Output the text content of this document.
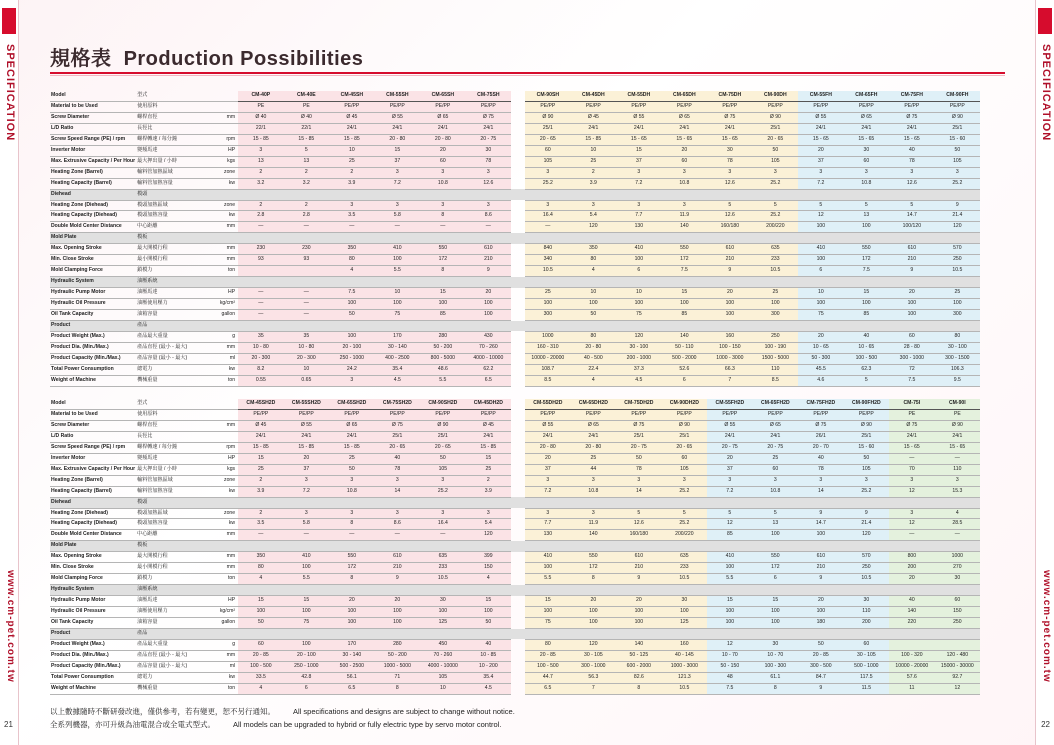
SPECIFICATION
www.cm-pet.com.tw
SPECIFICATION
www.cm-pet.com.tw
21	22
規格表 Production Possibilities
Model	型式		CM-40P	CM-40E	CM-45SH	CM-55SH	CM-65SH	CM-75SH		CM-90SH	CM-45DH	CM-55DH	CM-65DH	CM-75DH	CM-90DH	CM-55FH	CM-65FH	CM-75FH	CM-90FH
Material to be Used	使用原料		PE	PE	PE/PP	PE/PP	PE/PP	PE/PP		PE/PP	PE/PP	PE/PP	PE/PP	PE/PP	PE/PP	PE/PP	PE/PP	PE/PP	PE/PP
Screw Diameter	螺桿直徑	mm	Ø 40	Ø 40	Ø 45	Ø 55	Ø 65	Ø 75		Ø 90	Ø 45	Ø 55	Ø 65	Ø 75	Ø 90	Ø 55	Ø 65	Ø 75	Ø 90
L/D Ratio	長徑比		22/1	22/1	24/1	24/1	24/1	24/1		25/1	24/1	24/1	24/1	24/1	25/1	24/1	24/1	24/1	25/1
Screw Speed Range (PE) / rpm	螺桿轉速 / 每分鐘	rpm	15 - 85	15 - 85	15 - 85	20 - 80	20 - 80	20 - 75		20 - 65	15 - 85	15 - 65	15 - 65	15 - 65	20 - 65	15 - 65	15 - 65	15 - 65	15 - 60
Inverter Motor	變頻馬達	HP	3	5	10	15	20	30		60	10	15	20	30	50	20	30	40	50
Max. Extrusive Capacity / Per Hour	最大押出量 / 小時	kgs	13	13	25	37	60	78		105	25	37	60	78	105	37	60	78	105
Heating Zone (Barrel)	輸料管加熱區域	zone	2	2	2	3	3	3		3	2	3	3	3	3	3	3	3	3
Heating Capacity (Barrel)	輸料管加熱容量	kw	3.2	3.2	3.9	7.2	10.8	12.6		25.2	3.9	7.2	10.8	12.6	25.2	7.2	10.8	12.6	25.2
Diehead	模頭																		
Heating Zone (Diehead)	模頭加熱區域	zone	2	2	3	3	3	3		3	3	3	3	5	5	5	5	5	9
Heating Capacity (Diehead)	模頭加熱容量	kw	2.8	2.8	3.5	5.8	8	8.6		16.4	5.4	7.7	11.9	12.6	25.2	12	13	14.7	21.4
Double Mold Center Distance	中心距離	mm	—	—	—	—	—	—		—	120	130	140	160/180	200/220	100	100	100/120	120
Mold Plate	模板																		
Max. Opening Stroke	最大開模行程	mm	230	230	350	410	550	610		840	350	410	550	610	635	410	550	610	570
Min. Close Stroke	最小開模行程	mm	93	93	80	100	172	210		340	80	100	172	210	233	100	172	210	250
Mold Clamping Force	鎖模力	ton			4	5.5	8	9		10.5	4	6	7.5	9	10.5	6	7.5	9	10.5
Hydraulic System	油壓系統																		
Hydraulic Pump Motor	油壓馬達	HP	—	—	7.5	10	15	20		25	10	10	15	20	25	10	15	20	25
Hydraulic Oil Pressure	油壓使用壓力	kg/cm²	—	—	100	100	100	100		100	100	100	100	100	100	100	100	100	100
Oil Tank Capacity	油箱容量	gallon	—	—	50	75	85	100		300	50	75	85	100	300	75	85	100	300
Product	產品																		
Product Weight (Max.)	產品最大重量	g	35	35	100	170	280	430		1000	80	120	140	160	250	20	40	60	80
Product Dia. (Min./Max.)	產品直徑 (最小 - 最大)	mm	10 - 80	10 - 80	20 - 100	30 - 140	50 - 200	70 - 260		160 - 310	20 - 80	30 - 100	50 - 110	100 - 150	100 - 190	10 - 65	10 - 65	28 - 80	30 - 100
Product Capacity (Min./Max.)	產品容量 (最小 - 最大)	ml	20 - 300	20 - 300	250 - 1000	400 - 2500	800 - 5000	4000 - 10000		10000 - 20000	40 - 500	200 - 1000	500 - 2000	1000 - 3000	1500 - 5000	50 - 300	100 - 500	300 - 1000	300 - 1500
Total Power Consumption	總電力	kw	8.2	10	24.2	35.4	48.6	62.2		108.7	22.4	37.3	52.6	66.3	110	45.5	62.3	72	106.3
Weight of Machine	機械重量	ton	0.55	0.65	3	4.5	5.5	6.5		8.5	4	4.5	6	7	8.5	4.6	5	7.5	9.5
Model	型式		CM-45SH2D	CM-55SH2D	CM-65SH2D	CM-75SH2D	CM-90SH2D	CM-45DH2D		CM-55DH2D	CM-65DH2D	CM-75DH2D	CM-90DH2D	CM-55FH2D	CM-65FH2D	CM-75FH2D	CM-90FH2D	CM-75I	CM-90I
Material to be Used	使用原料		PE/PP	PE/PP	PE/PP	PE/PP	PE/PP	PE/PP		PE/PP	PE/PP	PE/PP	PE/PP	PE/PP	PE/PP	PE/PP	PE/PP	PE	PE
Screw Diameter	螺桿直徑	mm	Ø 45	Ø 55	Ø 65	Ø 75	Ø 90	Ø 45		Ø 55	Ø 65	Ø 75	Ø 90	Ø 55	Ø 65	Ø 75	Ø 90	Ø 75	Ø 90
L/D Ratio	長徑比		24/1	24/1	24/1	25/1	25/1	24/1		24/1	24/1	25/1	25/1	24/1	24/1	26/1	25/1	24/1	24/1
Screw Speed Range (PE) / rpm	螺桿轉速 / 每分鐘	rpm	15 - 85	15 - 85	15 - 85	20 - 65	20 - 65	15 - 85		20 - 80	20 - 80	20 - 75	20 - 65	20 - 75	20 - 75	20 - 70	15 - 60	15 - 65	15 - 65
Inverter Motor	變頻馬達	HP	15	20	25	40	50	15		20	25	50	60	20	25	40	50	—	—
Max. Extrusive Capacity / Per Hour	最大押出量 / 小時	kgs	25	37	50	78	105	25		37	44	78	105	37	60	78	105	70	110
Heating Zone (Barrel)	輸料管加熱區域	zone	2	3	3	3	3	2		3	3	3	3	3	3	3	3	3	3
Heating Capacity (Barrel)	輸料管加熱容量	kw	3.9	7.2	10.8	14	25.2	3.9		7.2	10.8	14	25.2	7.2	10.8	14	25.2	12	15.3
Diehead	模頭																		
Heating Zone (Diehead)	模頭加熱區域	zone	2	3	3	3	3	3		3	3	5	5	5	5	9	9	3	4
Heating Capacity (Diehead)	模頭加熱容量	kw	3.5	5.8	8	8.6	16.4	5.4		7.7	11.9	12.6	25.2	12	13	14.7	21.4	12	28.5
Double Mold Center Distance	中心距離	mm	—	—	—	—	—	120		130	140	160/180	200/220	85	100	100	120	—	—
Mold Plate	模板																		
Max. Opening Stroke	最大開模行程	mm	350	410	550	610	635	399		410	550	610	635	410	550	610	570	800	1000
Min. Close Stroke	最小開模行程	mm	80	100	172	210	233	150		100	172	210	233	100	172	210	250	200	270
Mold Clamping Force	鎖模力	ton	4	5.5	8	9	10.5	4		5.5	8	9	10.5	5.5	6	9	10.5	20	30
Hydraulic System	油壓系統																		
Hydraulic Pump Motor	油壓馬達	HP	15	15	20	20	30	15		15	20	20	30	15	15	20	30	40	60
Hydraulic Oil Pressure	油壓使用壓力	kg/cm²	100	100	100	100	100	100		100	100	100	100	100	100	100	110	140	150
Oil Tank Capacity	油箱容量	gallon	50	75	100	100	125	50		75	100	100	125	100	100	180	200	220	250
Product	產品																		
Product Weight (Max.)	產品最大重量	g	60	100	170	280	450	40		80	120	140	160	12	30	50	60		
Product Dia. (Min./Max.)	產品直徑 (最小 - 最大)	mm	20 - 85	20 - 100	30 - 140	50 - 200	70 - 260	10 - 85		20 - 85	30 - 105	50 - 125	40 - 145	10 - 70	10 - 70	20 - 85	30 - 105	100 - 320	120 - 480
Product Capacity (Min./Max.)	產品容量 (最小 - 最大)	ml	100 - 500	250 - 1000	500 - 2500	1000 - 5000	4000 - 10000	10 - 200		100 - 500	300 - 1000	600 - 2000	1000 - 3000	50 - 150	100 - 300	300 - 500	500 - 1000	10000 - 20000	15000 - 30000
Total Power Consumption	總電力	kw	33.5	42.8	56.1	71	105	35.4		44.7	56.3	82.6	121.3	48	61.1	84.7	117.5	57.6	92.7
Weight of Machine	機械重量	ton	4	6	6.5	8	10	4.5		6.5	7	8	10.5	7.5	8	9	11.5	11	12
以上數據隨時不斷研發改進，僅供參考，若有變更，恕不另行通知。 All specifications and designs are subject to change without notice.
全系列機器，亦可升級為油電混合或全電式型式。 All models can be upgraded to hybrid or fully electric type by servo motor control.
